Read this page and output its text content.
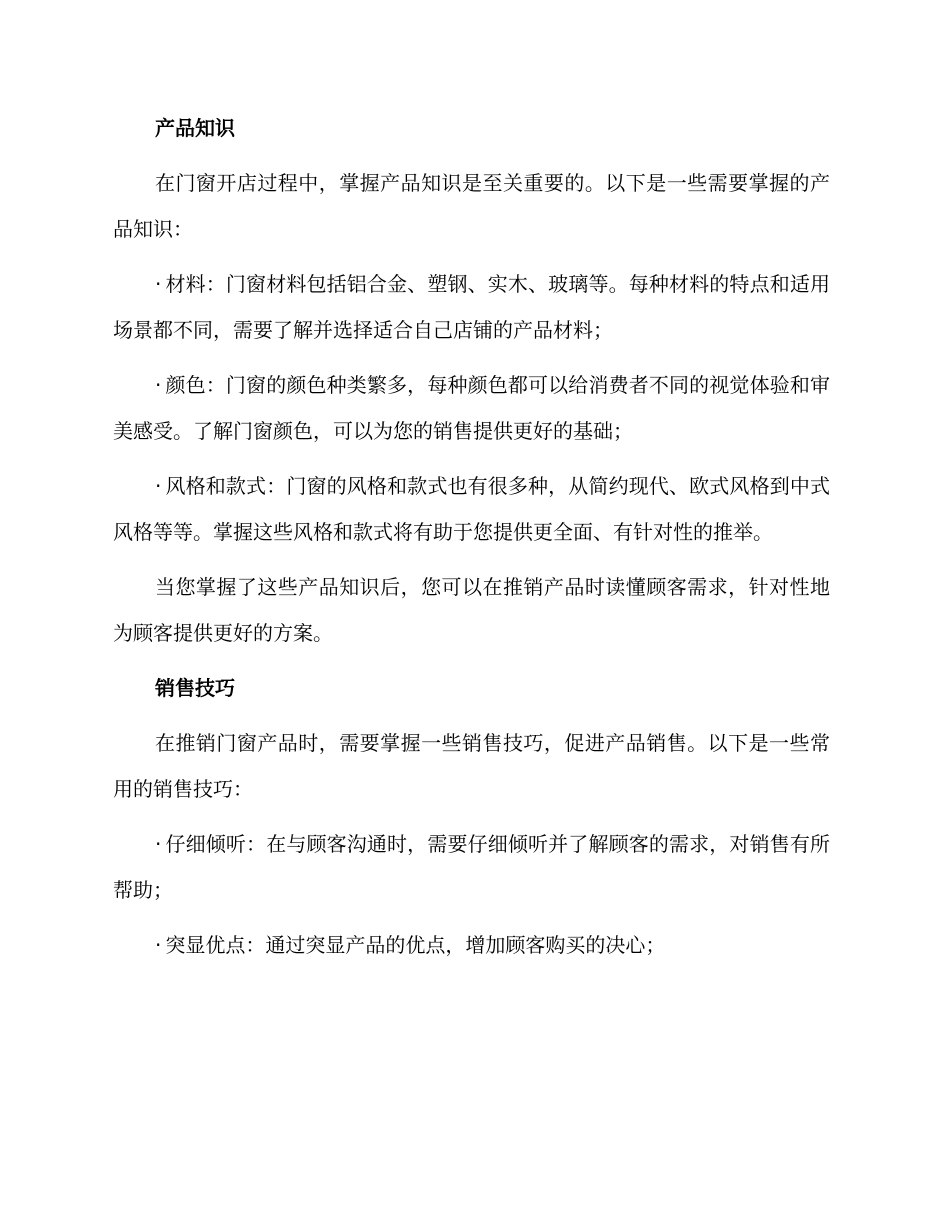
产品知识

在门窗开店过程中，掌握产品知识是至关重要的。以下是一些需要掌握的产品知识：

· 材料：门窗材料包括铝合金、塑钢、实木、玻璃等。每种材料的特点和适用场景都不同，需要了解并选择适合自己店铺的产品材料；

· 颜色：门窗的颜色种类繁多，每种颜色都可以给消费者不同的视觉体验和审美感受。了解门窗颜色，可以为您的销售提供更好的基础；

· 风格和款式：门窗的风格和款式也有很多种，从简约现代、欧式风格到中式风格等等。掌握这些风格和款式将有助于您提供更全面、有针对性的推举。

当您掌握了这些产品知识后，您可以在推销产品时读懂顾客需求，针对性地为顾客提供更好的方案。

销售技巧

在推销门窗产品时，需要掌握一些销售技巧，促进产品销售。以下是一些常用的销售技巧：

· 仔细倾听：在与顾客沟通时，需要仔细倾听并了解顾客的需求，对销售有所帮助；

· 突显优点：通过突显产品的优点，增加顾客购买的决心；
